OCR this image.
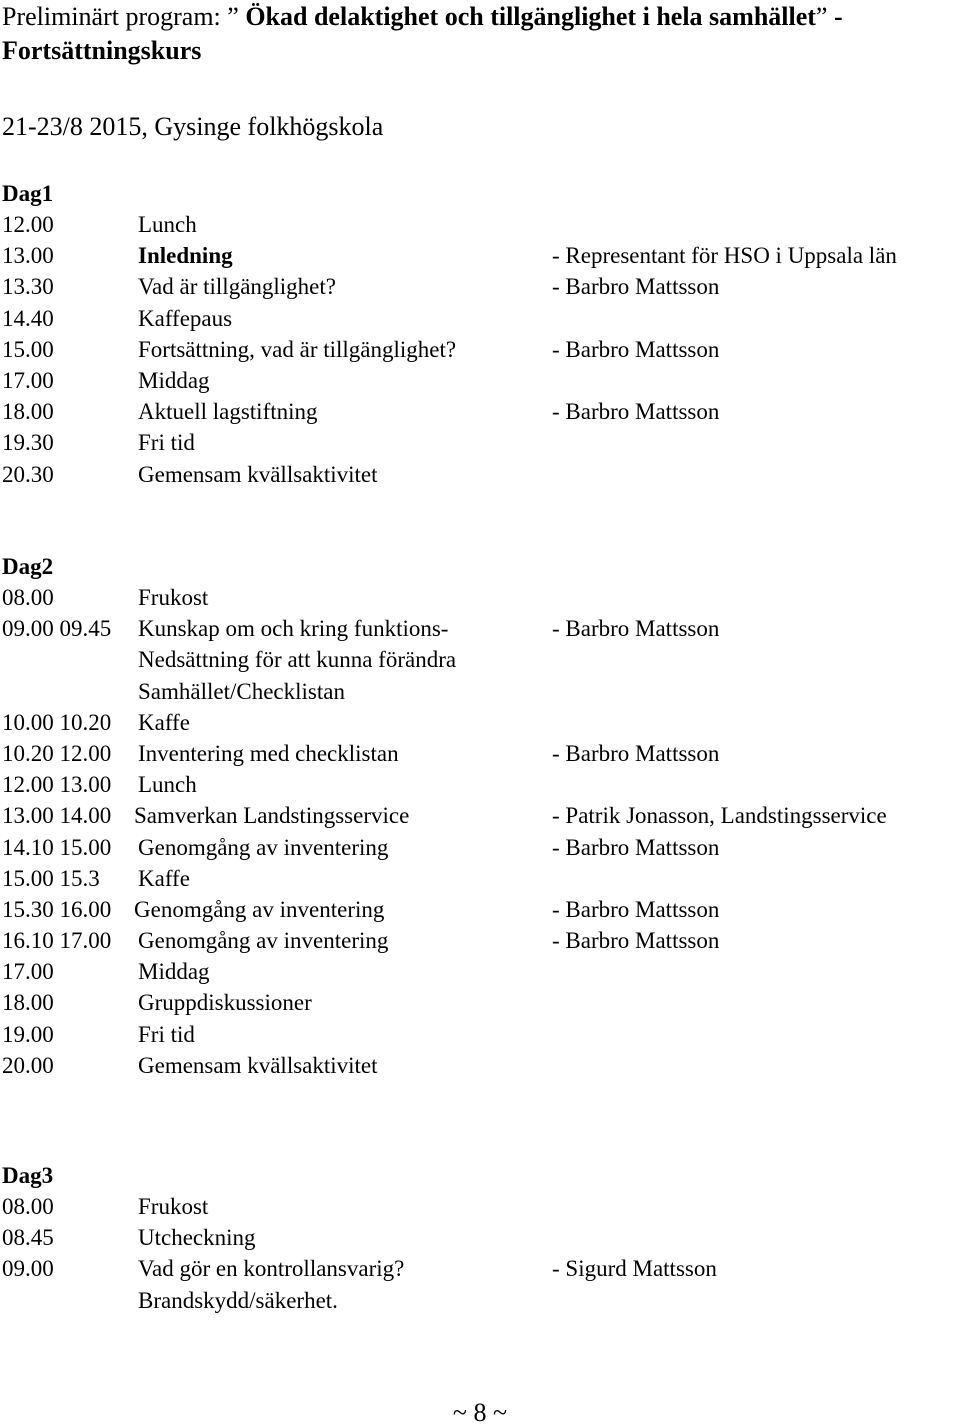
Preliminärt program: ” Ökad delaktighet och tillgänglighet i hela samhället” - Fortsättningskurs
21-23/8 2015, Gysinge folkhögskola
Dag1
12.00	Lunch
13.00	Inledning	- Representant för HSO i Uppsala län
13.30	Vad är tillgänglighet?	- Barbro Mattsson
14.40	Kaffepaus
15.00	Fortsättning, vad är tillgänglighet?	- Barbro Mattsson
17.00	Middag
18.00	Aktuell lagstiftning	- Barbro Mattsson
19.30	Fri tid
20.30	Gemensam kvällsaktivitet
Dag2
08.00	Frukost
09.00 09.45 Kunskap om och kring funktions-	- Barbro Mattsson
Nedsättning för att kunna förändra
Samhället/Checklistan
10.00 10.20 Kaffe
10.20 12.00 Inventering med checklistan	- Barbro Mattsson
12.00 13.00 Lunch
13.00 14.00 Samverkan Landstingsservice	- Patrik Jonasson, Landstingsservice
14.10 15.00 Genomgång av inventering	- Barbro Mattsson
15.00 15.3 Kaffe
15.30 16.00 Genomgång av inventering	- Barbro Mattsson
16.10 17.00 Genomgång av inventering	- Barbro Mattsson
17.00	Middag
18.00	Gruppdiskussioner
19.00	Fri tid
20.00	Gemensam kvällsaktivitet
Dag3
08.00	Frukost
08.45	Utcheckning
09.00	Vad gör en kontrollansvarig?	- Sigurd Mattsson
Brandskydd/säkerhet.
~ 8 ~
